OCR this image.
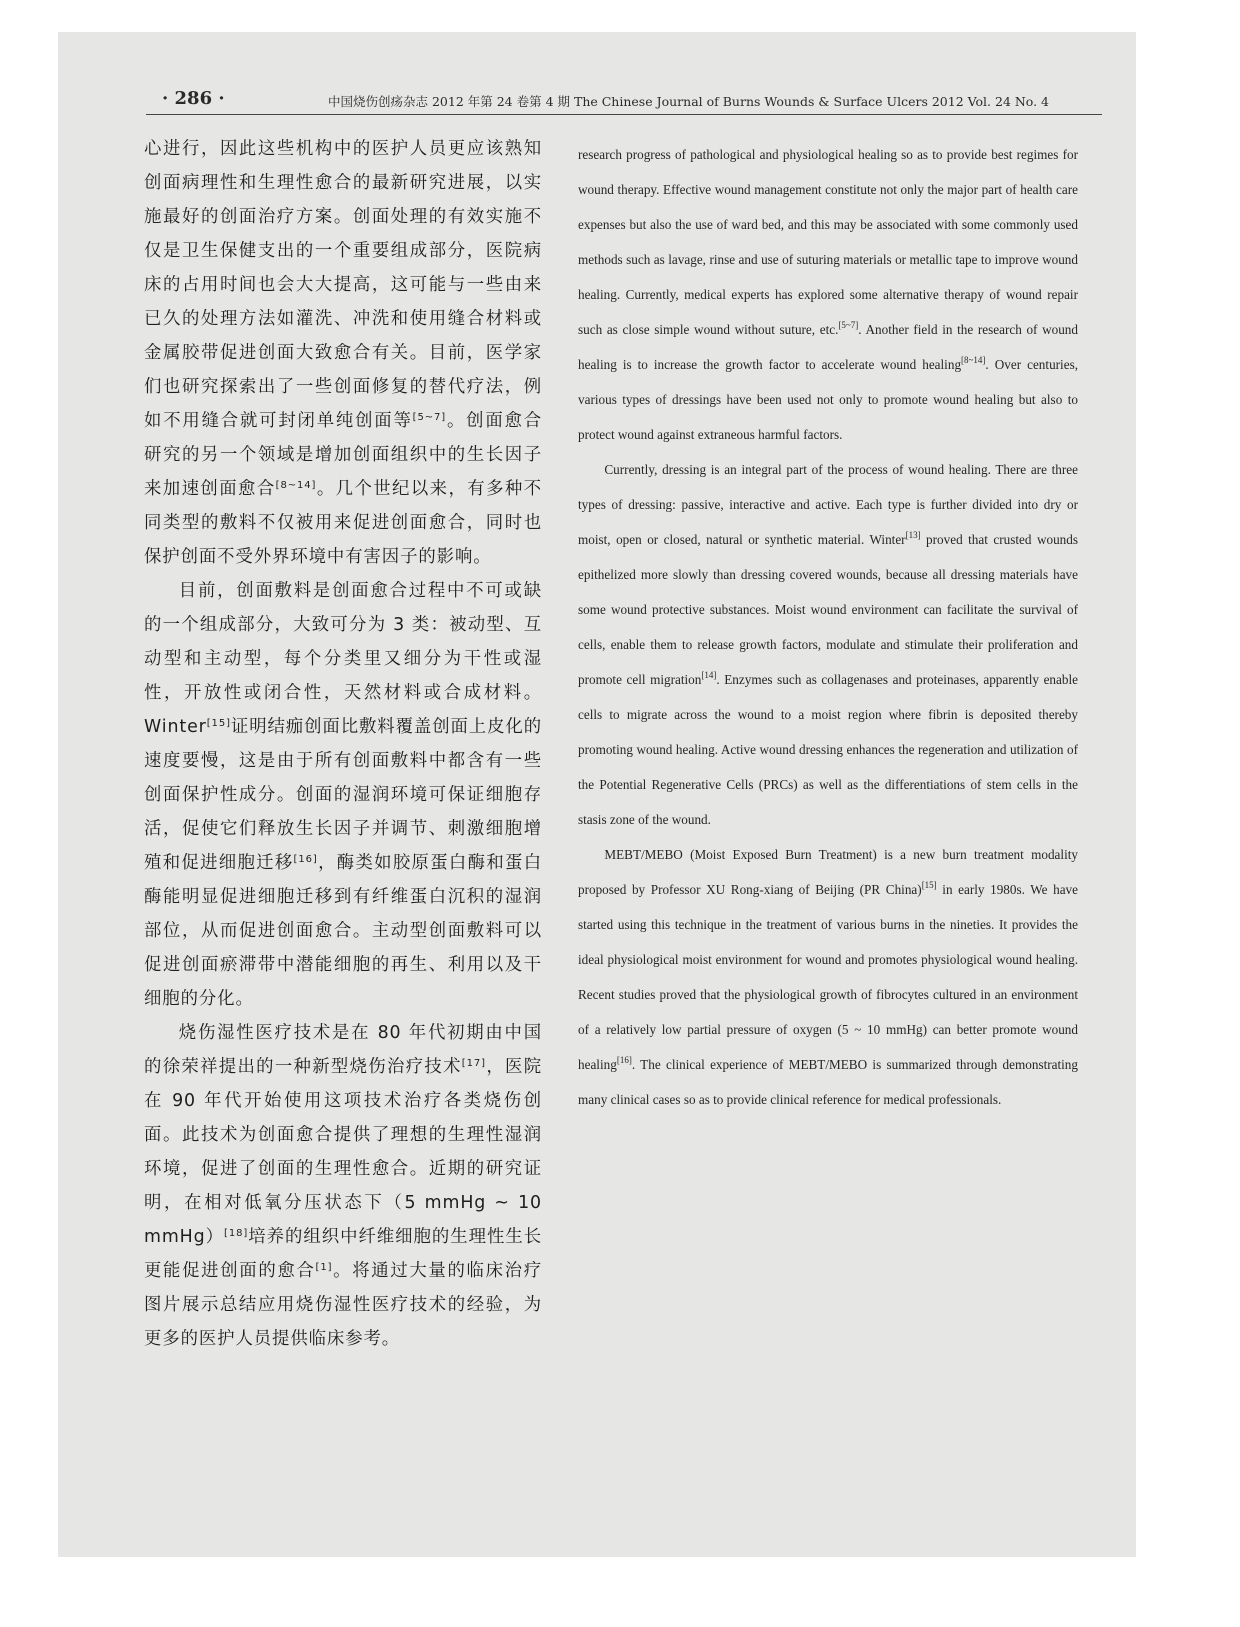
· 286 ·	中国烧伤创疡杂志 2012 年第 24 卷第 4 期 The Chinese Journal of Burns Wounds & Surface Ulcers 2012 Vol. 24 No. 4

心进行，因此这些机构中的医护人员更应该熟知创面病理性和生理性愈合的最新研究进展，以实施最好的创面治疗方案。创面处理的有效实施不仅是卫生保健支出的一个重要组成部分，医院病床的占用时间也会大大提高，这可能与一些由来已久的处理方法如灌洗、冲洗和使用缝合材料或金属胶带促进创面大致愈合有关。目前，医学家们也研究探索出了一些创面修复的替代疗法，例如不用缝合就可封闭单纯创面等[5~7]。创面愈合研究的另一个领域是增加创面组织中的生长因子来加速创面愈合[8~14]。几个世纪以来，有多种不同类型的敷料不仅被用来促进创面愈合，同时也保护创面不受外界环境中有害因子的影响。

目前，创面敷料是创面愈合过程中不可或缺的一个组成部分，大致可分为 3 类：被动型、互动型和主动型，每个分类里又细分为干性或湿性，开放性或闭合性，天然材料或合成材料。Winter[15]证明结痂创面比敷料覆盖创面上皮化的速度要慢，这是由于所有创面敷料中都含有一些创面保护性成分。创面的湿润环境可保证细胞存活，促使它们释放生长因子并调节、刺激细胞增殖和促进细胞迁移[16]，酶类如胶原蛋白酶和蛋白酶能明显促进细胞迁移到有纤维蛋白沉积的湿润部位，从而促进创面愈合。主动型创面敷料可以促进创面瘀滞带中潜能细胞的再生、利用以及干细胞的分化。

烧伤湿性医疗技术是在 80 年代初期由中国的徐荣祥提出的一种新型烧伤治疗技术[17]，医院在 90 年代开始使用这项技术治疗各类烧伤创面。此技术为创面愈合提供了理想的生理性湿润环境，促进了创面的生理性愈合。近期的研究证明，在相对低氧分压状态下（5 mmHg ~ 10 mmHg）[18]培养的组织中纤维细胞的生理性生长更能促进创面的愈合[1]。将通过大量的临床治疗图片展示总结应用烧伤湿性医疗技术的经验，为更多的医护人员提供临床参考。

research progress of pathological and physiological healing so as to provide best regimes for wound therapy. Effective wound management constitute not only the major part of health care expenses but also the use of ward bed, and this may be associated with some commonly used methods such as lavage, rinse and use of suturing materials or metallic tape to improve wound healing. Currently, medical experts has explored some alternative therapy of wound repair such as close simple wound without suture, etc.[5~7]. Another field in the research of wound healing is to increase the growth factor to accelerate wound healing[8~14]. Over centuries, various types of dressings have been used not only to promote wound healing but also to protect wound against extraneous harmful factors.

Currently, dressing is an integral part of the process of wound healing. There are three types of dressing: passive, interactive and active. Each type is further divided into dry or moist, open or closed, natural or synthetic material. Winter[13] proved that crusted wounds epithelized more slowly than dressing covered wounds, because all dressing materials have some wound protective substances. Moist wound environment can facilitate the survival of cells, enable them to release growth factors, modulate and stimulate their proliferation and promote cell migration[14]. Enzymes such as collagenases and proteinases, apparently enable cells to migrate across the wound to a moist region where fibrin is deposited thereby promoting wound healing. Active wound dressing enhances the regeneration and utilization of the Potential Regenerative Cells (PRCs) as well as the differentiations of stem cells in the stasis zone of the wound.

MEBT/MEBO (Moist Exposed Burn Treatment) is a new burn treatment modality proposed by Professor XU Rong-xiang of Beijing (PR China)[15] in early 1980s. We have started using this technique in the treatment of various burns in the nineties. It provides the ideal physiological moist environment for wound and promotes physiological wound healing. Recent studies proved that the physiological growth of fibrocytes cultured in an environment of a relatively low partial pressure of oxygen (5 ~ 10 mmHg) can better promote wound healing[16]. The clinical experience of MEBT/MEBO is summarized through demonstrating many clinical cases so as to provide clinical reference for medical professionals.
